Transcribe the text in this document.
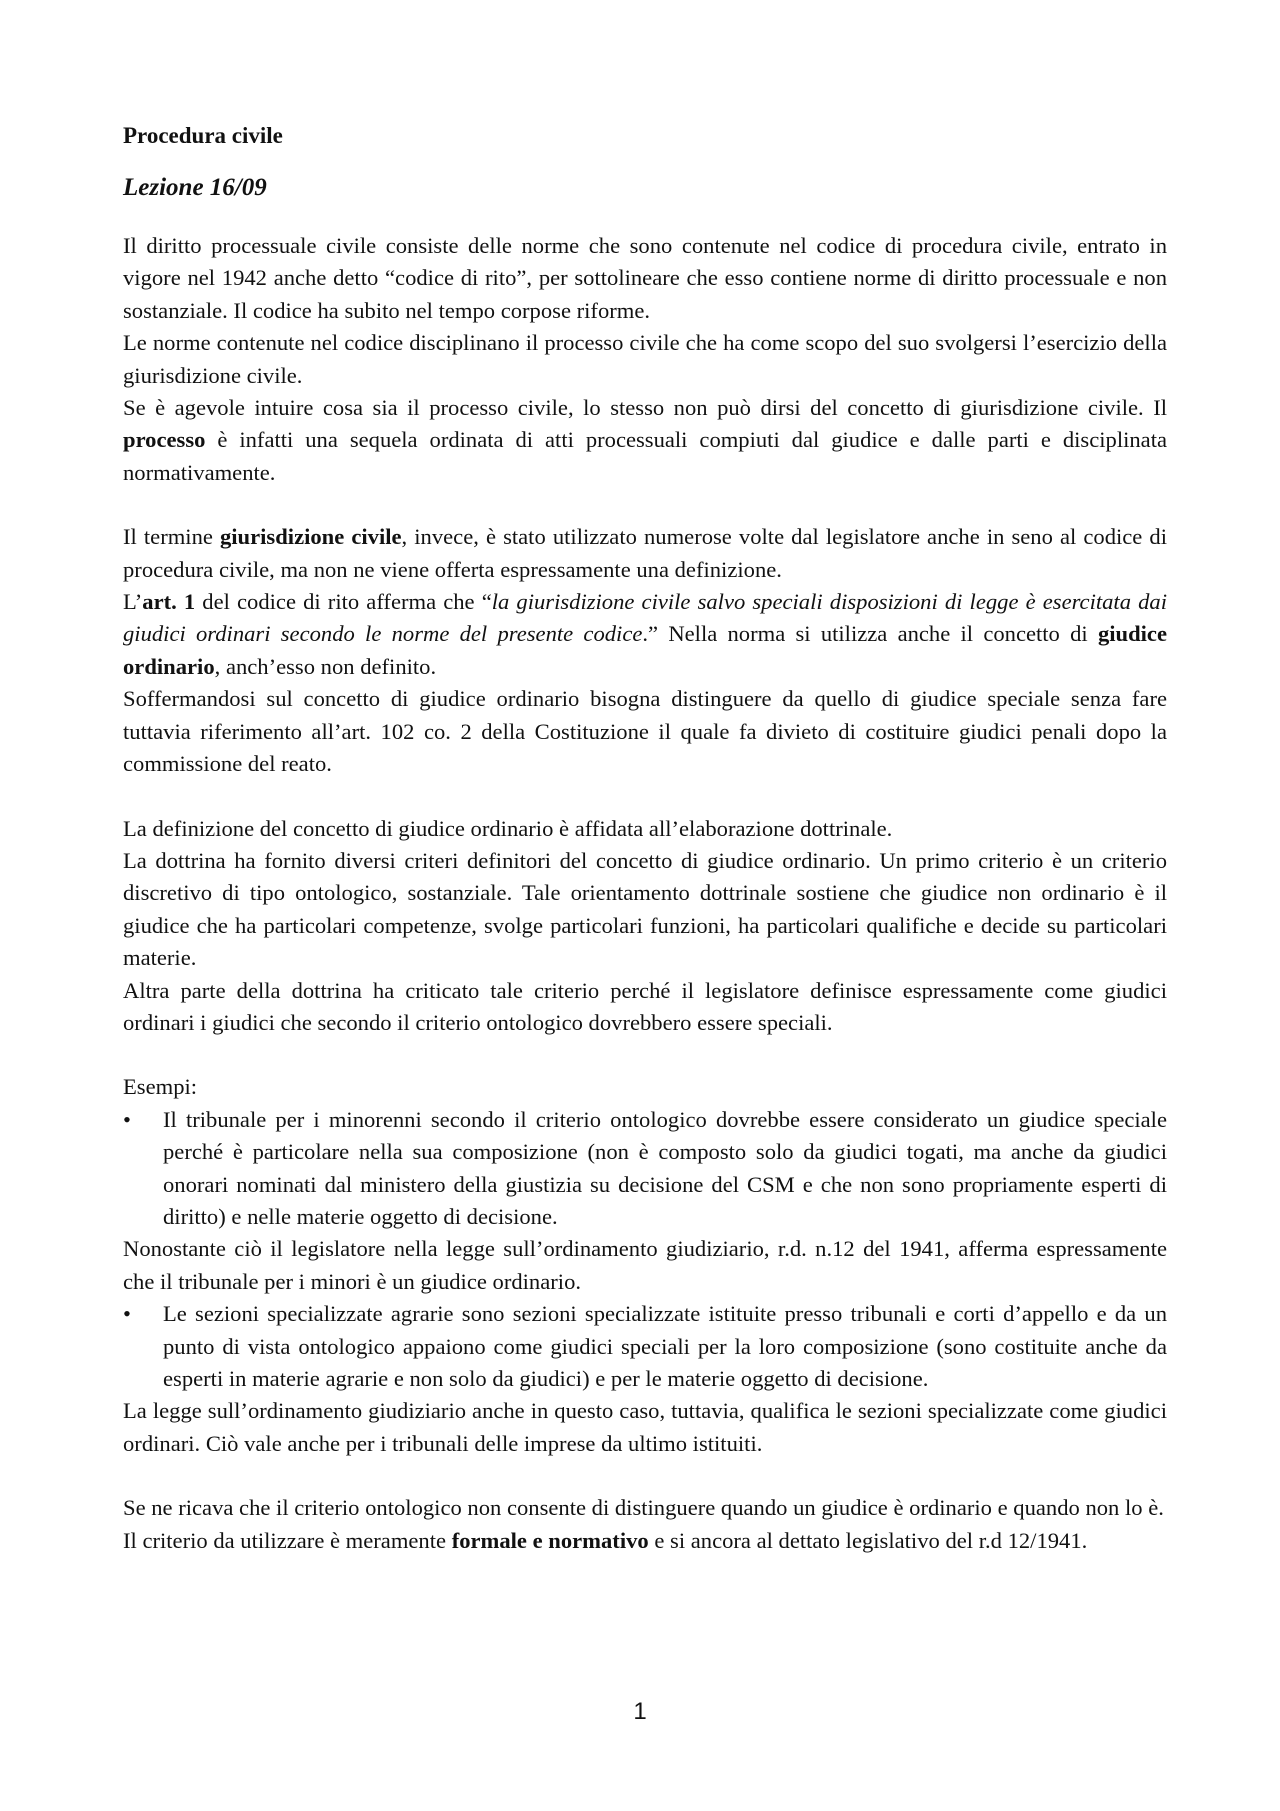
Procedura civile
Lezione 16/09

Il diritto processuale civile consiste delle norme che sono contenute nel codice di procedura civile, entrato in vigore nel 1942 anche detto “codice di rito”, per sottolineare che esso contiene norme di diritto processuale e non sostanziale. Il codice ha subito nel tempo corpose riforme.

Le norme contenute nel codice disciplinano il processo civile che ha come scopo del suo svolgersi l’esercizio della giurisdizione civile.

Se è agevole intuire cosa sia il processo civile, lo stesso non può dirsi del concetto di giurisdizione civile. Il processo è infatti una sequela ordinata di atti processuali compiuti dal giudice e dalle parti e disciplinata normativamente.

Il termine giurisdizione civile, invece, è stato utilizzato numerose volte dal legislatore anche in seno al codice di procedura civile, ma non ne viene offerta espressamente una definizione.

L’art. 1 del codice di rito afferma che “la giurisdizione civile salvo speciali disposizioni di legge è esercitata dai giudici ordinari secondo le norme del presente codice.” Nella norma si utilizza anche il concetto di giudice ordinario, anch’esso non definito.

Soffermandosi sul concetto di giudice ordinario bisogna distinguere da quello di giudice speciale senza fare tuttavia riferimento all’art. 102 co. 2 della Costituzione il quale fa divieto di costituire giudici penali dopo la commissione del reato.

La definizione del concetto di giudice ordinario è affidata all’elaborazione dottrinale.

La dottrina ha fornito diversi criteri definitori del concetto di giudice ordinario. Un primo criterio è un criterio discretivo di tipo ontologico, sostanziale. Tale orientamento dottrinale sostiene che giudice non ordinario è il giudice che ha particolari competenze, svolge particolari funzioni, ha particolari qualifiche e decide su particolari materie.

Altra parte della dottrina ha criticato tale criterio perché il legislatore definisce espressamente come giudici ordinari i giudici che secondo il criterio ontologico dovrebbero essere speciali.

Esempi:

• Il tribunale per i minorenni secondo il criterio ontologico dovrebbe essere considerato un giudice speciale perché è particolare nella sua composizione (non è composto solo da giudici togati, ma anche da giudici onorari nominati dal ministero della giustizia su decisione del CSM e che non sono propriamente esperti di diritto) e nelle materie oggetto di decisione.

Nonostante ciò il legislatore nella legge sull’ordinamento giudiziario, r.d. n.12 del 1941, afferma espressamente che il tribunale per i minori è un giudice ordinario.

• Le sezioni specializzate agrarie sono sezioni specializzate istituite presso tribunali e corti d’appello e da un punto di vista ontologico appaiono come giudici speciali per la loro composizione (sono costituite anche da esperti in materie agrarie e non solo da giudici) e per le materie oggetto di decisione.

La legge sull’ordinamento giudiziario anche in questo caso, tuttavia, qualifica le sezioni specializzate come giudici ordinari. Ciò vale anche per i tribunali delle imprese da ultimo istituiti.

Se ne ricava che il criterio ontologico non consente di distinguere quando un giudice è ordinario e quando non lo è.

Il criterio da utilizzare è meramente formale e normativo e si ancora al dettato legislativo del r.d 12/1941.

1
